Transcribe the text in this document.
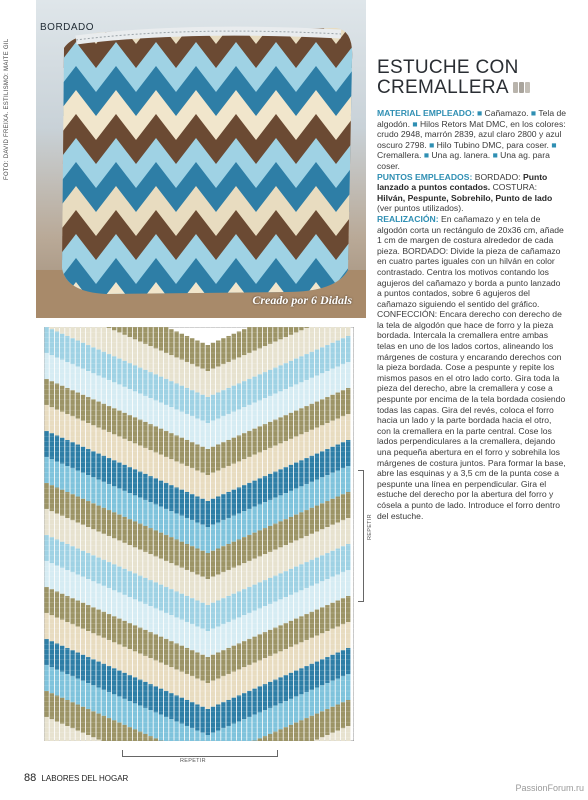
Creado por 6 Didals
BORDADO
FOTO: DAVID FREIXA. ESTILISMO: MAITE GIL
REPETIR
REPETIR
ESTUCHE CON CREMALLERA

MATERIAL EMPLEADO: ■ Cañamazo. ■ Tela de algodón. ■ Hilos Retors Mat DMC, en los colores: crudo 2948, marrón 2839, azul claro 2800 y azul oscuro 2798. ■ Hilo Tubino DMC, para coser. ■ Cremallera. ■ Una ag. lanera. ■ Una ag. para coser.

PUNTOS EMPLEADOS: BORDADO: Punto lanzado a puntos contados. COSTURA: Hilván, Pespunte, Sobrehilo, Punto de lado (ver puntos utilizados).

REALIZACIÓN: En cañamazo y en tela de algodón corta un rectángulo de 20x36 cm, añade 1 cm de margen de costura alrededor de cada pieza. BORDADO: Divide la pieza de cañamazo en cuatro partes iguales con un hilván en color contrastado. Centra los motivos contando los agujeros del cañamazo y borda a punto lanzado a puntos contados, sobre 6 agujeros del cañamazo siguiendo el sentido del gráfico. CONFECCIÓN: Encara derecho con derecho de la tela de algodón que hace de forro y la pieza bordada. Intercala la cremallera entre ambas telas en uno de los lados cortos, alineando los márgenes de costura y encarando derechos con la pieza bordada. Cose a pespunte y repite los mismos pasos en el otro lado corto. Gira toda la pieza del derecho, abre la cremallera y cose a pespunte por encima de la tela bordada cosiendo todas las capas. Gira del revés, coloca el forro hacia un lado y la parte bordada hacia el otro, con la cremallera en la parte central. Cose los lados perpendiculares a la cremallera, dejando una pequeña abertura en el forro y sobrehila los márgenes de costura juntos. Para formar la base, abre las esquinas y a 3,5 cm de la punta cose a pespunte una línea en perpendicular. Gira el estuche del derecho por la abertura del forro y cósela a punto de lado. Introduce el forro dentro del estuche.

88 LABORES DEL HOGAR
PassionForum.ru
